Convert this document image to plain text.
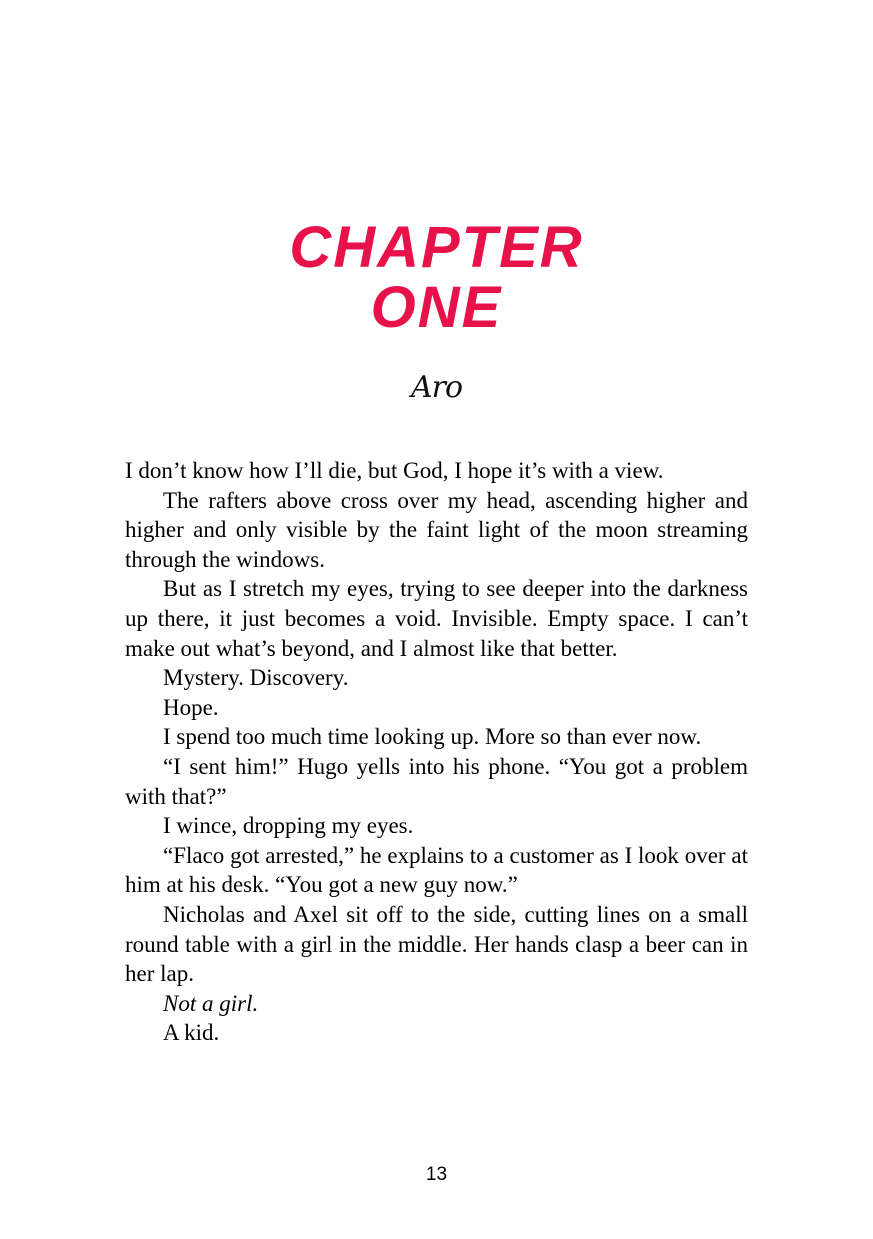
CHAPTER
ONE
Aro

I don’t know how I’ll die, but God, I hope it’s with a view.

The rafters above cross over my head, ascending higher and higher and only visible by the faint light of the moon streaming through the windows.

But as I stretch my eyes, trying to see deeper into the darkness up there, it just becomes a void. Invisible. Empty space. I can’t make out what’s beyond, and I almost like that better.

Mystery. Discovery.

Hope.

I spend too much time looking up. More so than ever now.

“I sent him!” Hugo yells into his phone. “You got a problem with that?”

I wince, dropping my eyes.

“Flaco got arrested,” he explains to a customer as I look over at him at his desk. “You got a new guy now.”

Nicholas and Axel sit off to the side, cutting lines on a small round table with a girl in the middle. Her hands clasp a beer can in her lap.

Not a girl.

A kid.

13
